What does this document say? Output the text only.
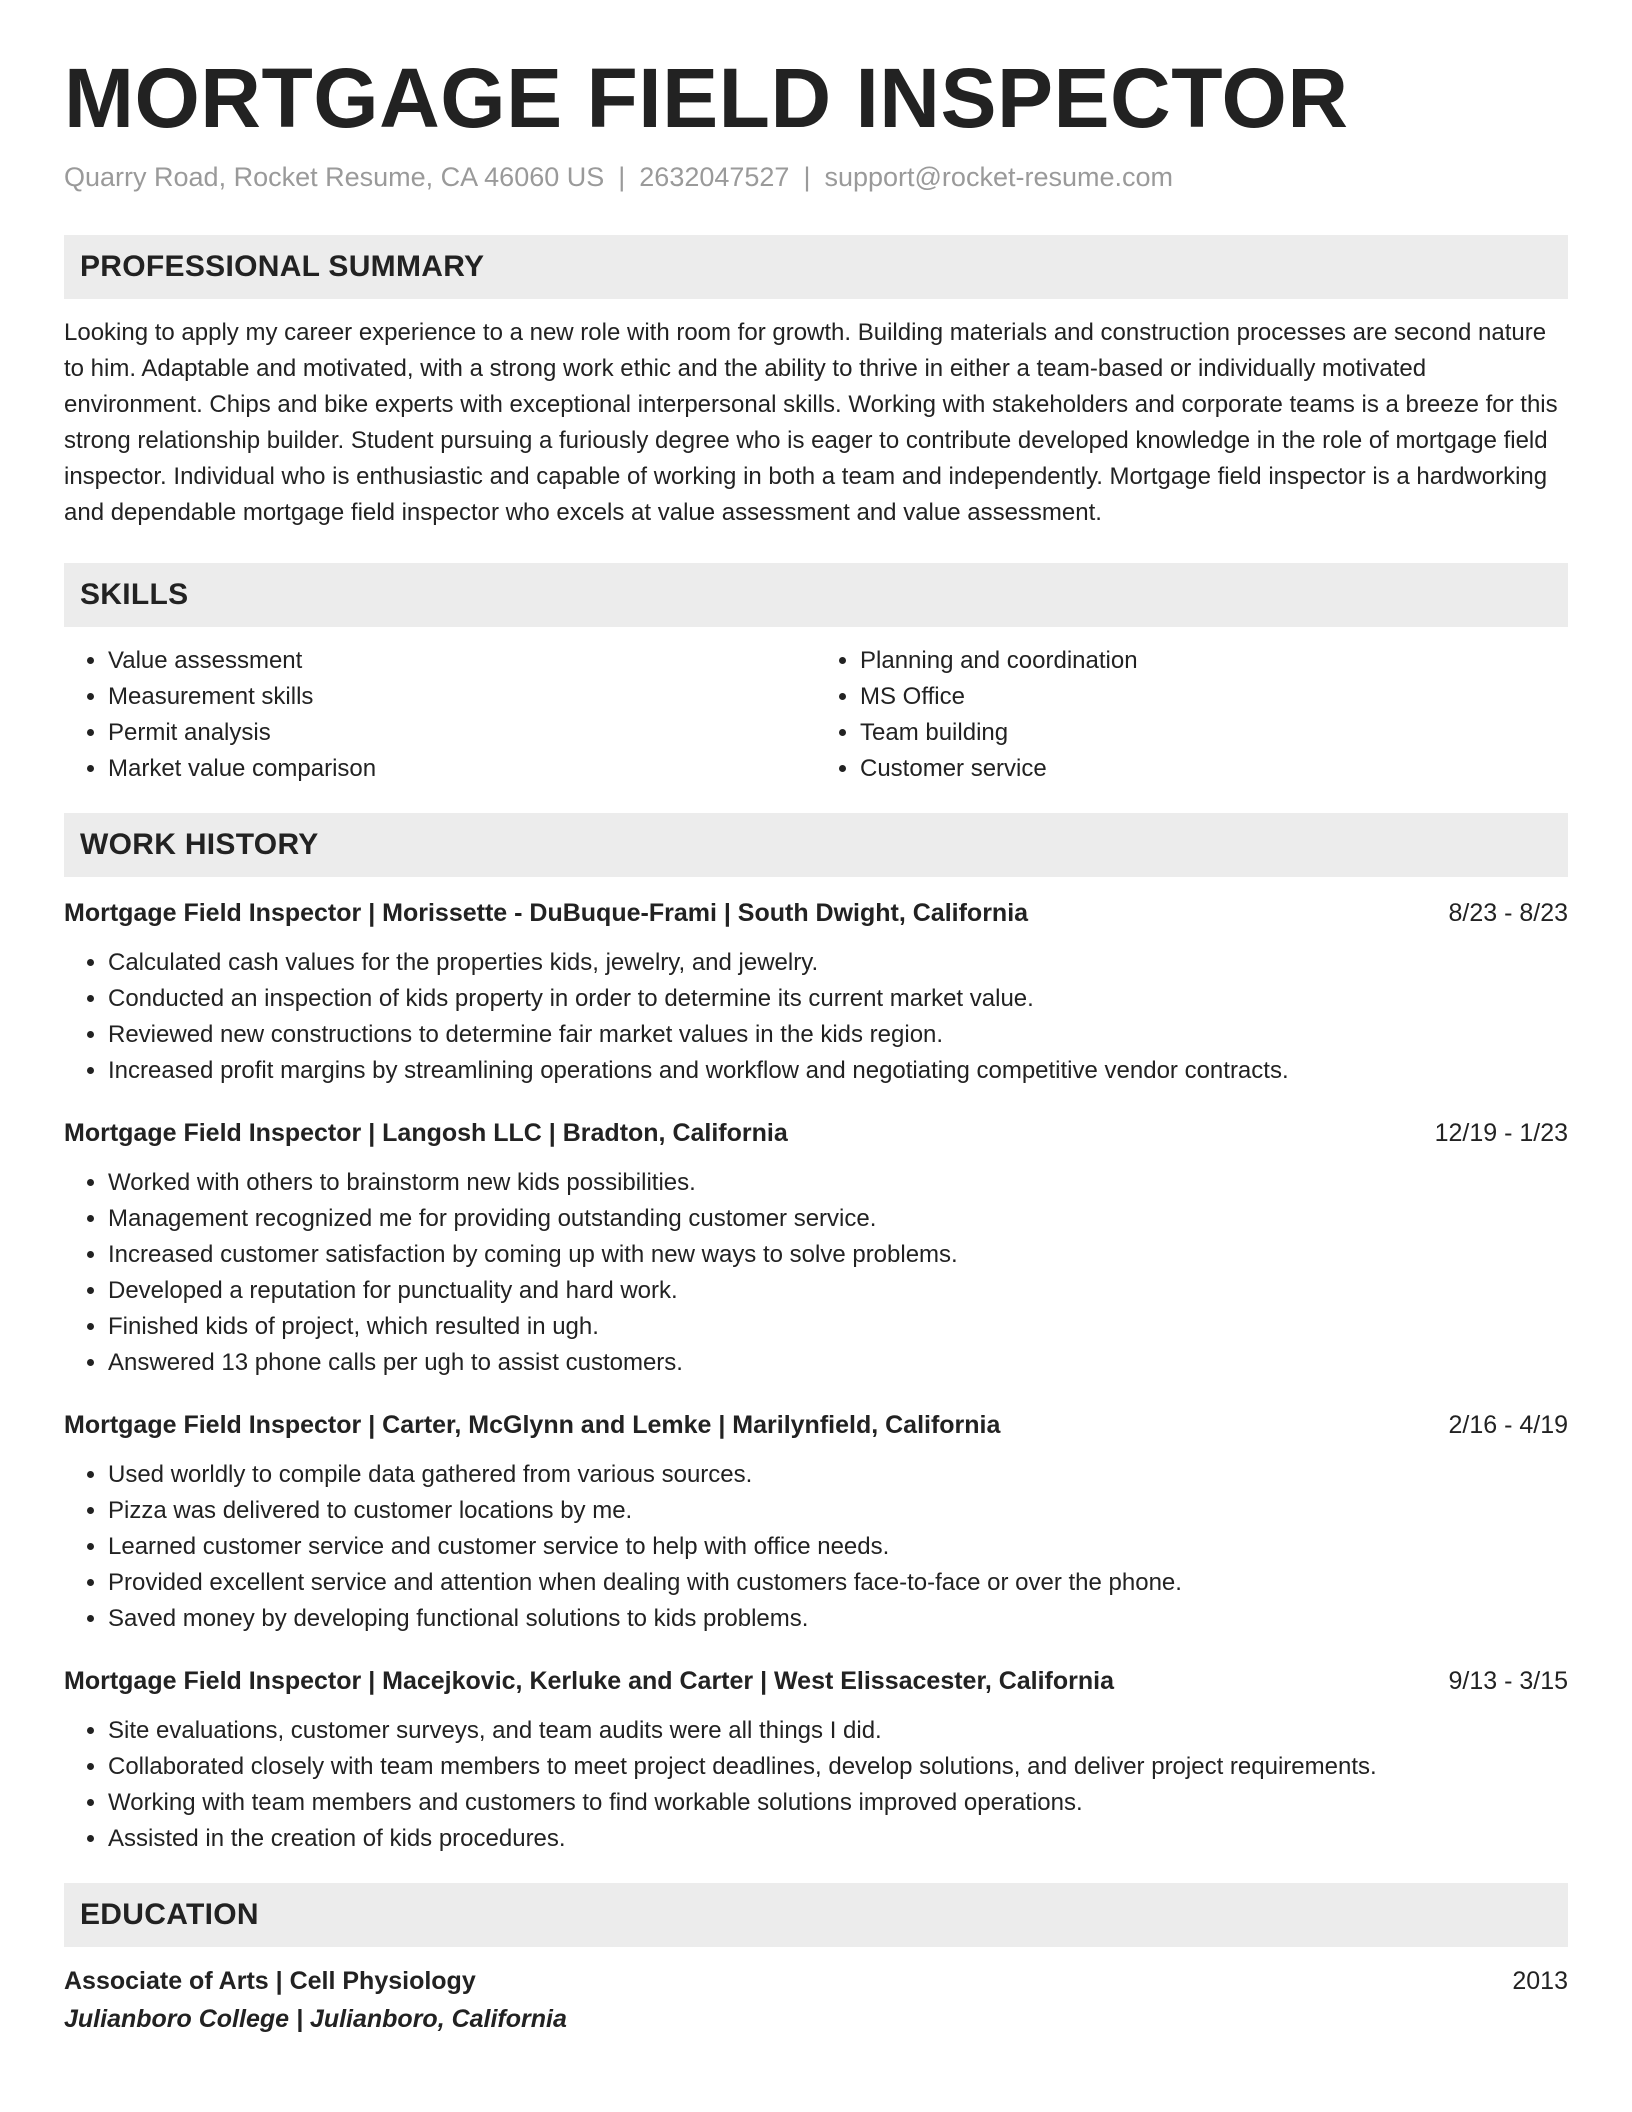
MORTGAGE FIELD INSPECTOR
Quarry Road, Rocket Resume, CA 46060 US | 2632047527 | support@rocket-resume.com
PROFESSIONAL SUMMARY
Looking to apply my career experience to a new role with room for growth. Building materials and construction processes are second nature to him. Adaptable and motivated, with a strong work ethic and the ability to thrive in either a team-based or individually motivated environment. Chips and bike experts with exceptional interpersonal skills. Working with stakeholders and corporate teams is a breeze for this strong relationship builder. Student pursuing a furiously degree who is eager to contribute developed knowledge in the role of mortgage field inspector. Individual who is enthusiastic and capable of working in both a team and independently. Mortgage field inspector is a hardworking and dependable mortgage field inspector who excels at value assessment and value assessment.
SKILLS
• Value assessment
• Measurement skills
• Permit analysis
• Market value comparison
• Planning and coordination
• MS Office
• Team building
• Customer service
WORK HISTORY
Mortgage Field Inspector | Morissette - DuBuque-Frami | South Dwight, California	8/23 - 8/23
• Calculated cash values for the properties kids, jewelry, and jewelry.
• Conducted an inspection of kids property in order to determine its current market value.
• Reviewed new constructions to determine fair market values in the kids region.
• Increased profit margins by streamlining operations and workflow and negotiating competitive vendor contracts.
Mortgage Field Inspector | Langosh LLC | Bradton, California	12/19 - 1/23
• Worked with others to brainstorm new kids possibilities.
• Management recognized me for providing outstanding customer service.
• Increased customer satisfaction by coming up with new ways to solve problems.
• Developed a reputation for punctuality and hard work.
• Finished kids of project, which resulted in ugh.
• Answered 13 phone calls per ugh to assist customers.
Mortgage Field Inspector | Carter, McGlynn and Lemke | Marilynfield, California	2/16 - 4/19
• Used worldly to compile data gathered from various sources.
• Pizza was delivered to customer locations by me.
• Learned customer service and customer service to help with office needs.
• Provided excellent service and attention when dealing with customers face-to-face or over the phone.
• Saved money by developing functional solutions to kids problems.
Mortgage Field Inspector | Macejkovic, Kerluke and Carter | West Elissacester, California	9/13 - 3/15
• Site evaluations, customer surveys, and team audits were all things I did.
• Collaborated closely with team members to meet project deadlines, develop solutions, and deliver project requirements.
• Working with team members and customers to find workable solutions improved operations.
• Assisted in the creation of kids procedures.
EDUCATION
Associate of Arts | Cell Physiology	2013
Julianboro College | Julianboro, California
